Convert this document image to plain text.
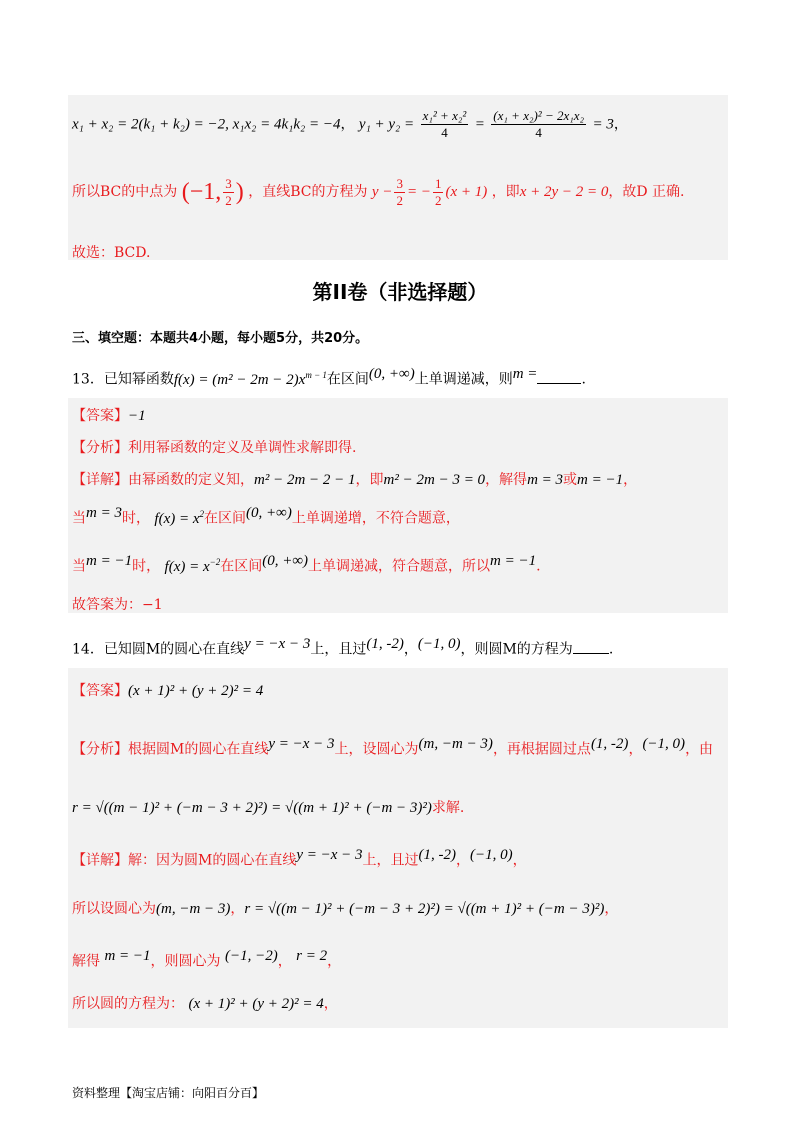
x₁ + x₂ = 2(k₁ + k₂) = −2, x₁x₂ = 4k₁k₂ = −4， $y_1 + y_2 = \frac{\text{x₁² + x₂²}}{4} = \frac{\text{(x₁ + x₂)² − 2x₁x₂}}{4} = 3$，
所以BC的中点为 (−1, $\frac{3}{2}$ ) ，直线BC的方程为 $y - \frac{3}{2}$ = − $\frac{1}{2} (x + 1)$ ，即x + 2y − 2 = 0，故D 正确.
故选：BCD.
第II卷（非选择题）
三、填空题：本题共4小题，每小题5分，共20分。
13．已知幂函数$f(x) = (m^2 - 2m - 2)x^{m - 1}$在区间$^{(0, +\infty)}$上单调递减，则$^{m =}$	.
【答案】−1
【分析】利用幂函数的定义及单调性求解即得.
【详解】由幂函数的定义知，m² − 2m − 2 − 1，即m² − 2m − 3 = 0，解得m = 3或m = −1，
当$^{m = 3}$时， $f(x) = x^2$在区间$^{(0, +\infty)}$上单调递增，不符合题意，
当$^{m = -1}$时， $f(x) = x^{-2}$在区间$^{(0, +\infty)}$上单调递减，符合题意，所以$^{m = -1}$.
故答案为：−1
14．已知圆M的圆心在直线$^{y = -x - 3}$上，且过$^{(1, -2)}$，$^{(-1, 0)}$，则圆M的方程为	.
【答案】(x + 1)² + (y + 2)² = 4
【分析】根据圆M的圆心在直线$^{y = -x - 3}$上，设圆心为$^{(m, -m - 3)}$，再根据圆过点$^{(1, -2)}$，$^{(-1, 0)}$，由
r = √((m − 1)² + (−m − 3 + 2)²) = √((m + 1)² + (−m − 3)²)求解.
【详解】解：因为圆M的圆心在直线$^{y = -x - 3}$上，且过$^{(1, -2)}$，$^{(-1, 0)}$，
所以设圆心为(m, −m − 3)，r = √((m − 1)² + (−m − 3 + 2)²) = √((m + 1)² + (−m − 3)²)，
解得 $^{m = -1}$，则圆心为 $^{(-1, -2)}$， $^{r = 2}$，
所以圆的方程为： (x + 1)² + (y + 2)² = 4，
资料整理【淘宝店铺：向阳百分百】
